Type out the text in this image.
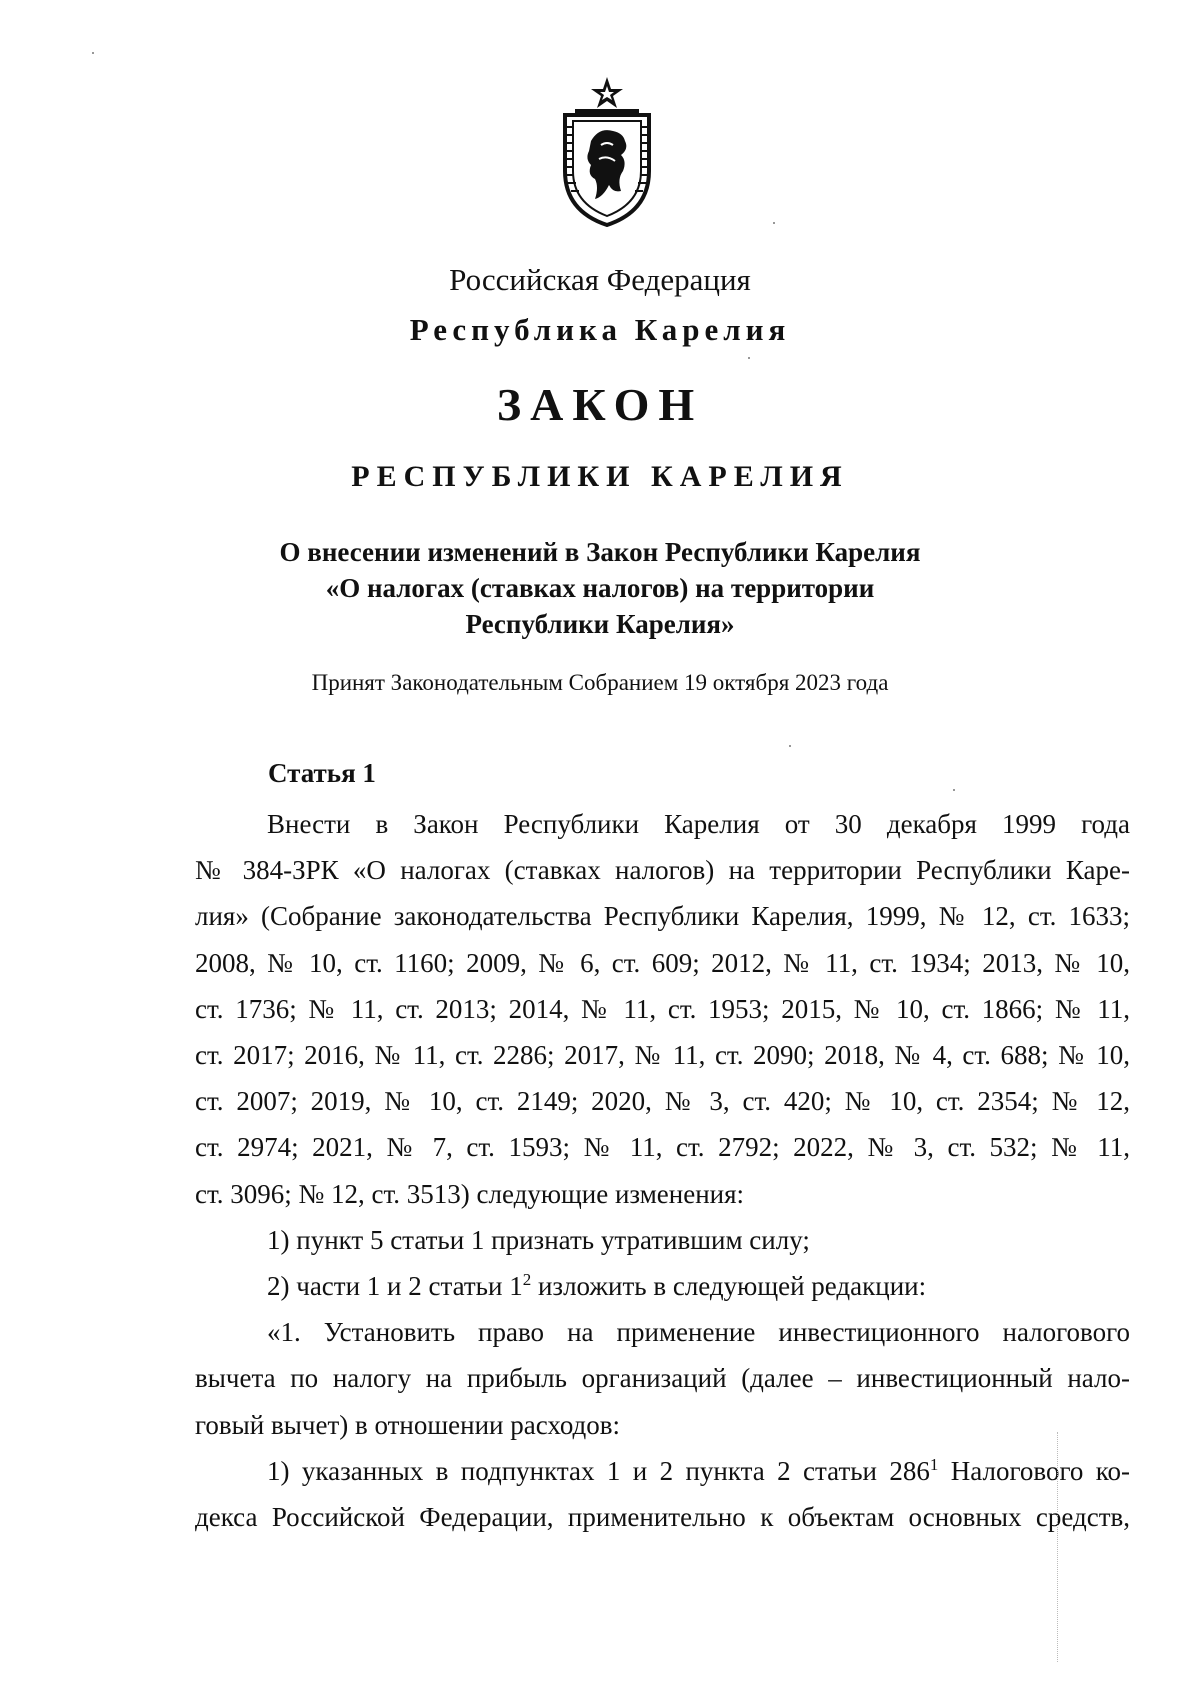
Российская Федерация
Республика Карелия
ЗАКОН
РЕСПУБЛИКИ КАРЕЛИЯ
О внесении изменений в Закон Республики Карелия
«О налогах (ставках налогов) на территории
Республики Карелия»
Принят Законодательным Собранием 19 октября 2023 года
Статья 1

Внести в Закон Республики Карелия от 30 декабря 1999 года

№ 384-ЗРК «О налогах (ставках налогов) на территории Республики Каре-

лия» (Собрание законодательства Республики Карелия, 1999, № 12, ст. 1633;

2008, № 10, ст. 1160; 2009, № 6, ст. 609; 2012, № 11, ст. 1934; 2013, № 10,

ст. 1736; № 11, ст. 2013; 2014, № 11, ст. 1953; 2015, № 10, ст. 1866; № 11,

ст. 2017; 2016, № 11, ст. 2286; 2017, № 11, ст. 2090; 2018, № 4, ст. 688; № 10,

ст. 2007; 2019, № 10, ст. 2149; 2020, № 3, ст. 420; № 10, ст. 2354; № 12,

ст. 2974; 2021, № 7, ст. 1593; № 11, ст. 2792; 2022, № 3, ст. 532; № 11,

ст. 3096; № 12, ст. 3513) следующие изменения:

1) пункт 5 статьи 1 признать утратившим силу;

2) части 1 и 2 статьи $1^2$ изложить в следующей редакции:

«1. Установить право на применение инвестиционного налогового

вычета по налогу на прибыль организаций (далее – инвестиционный нало-

говый вычет) в отношении расходов:

1) указанных в подпунктах 1 и 2 пункта 2 статьи $286^1$ Налогового ко-

декса Российской Федерации, применительно к объектам основных средств,
